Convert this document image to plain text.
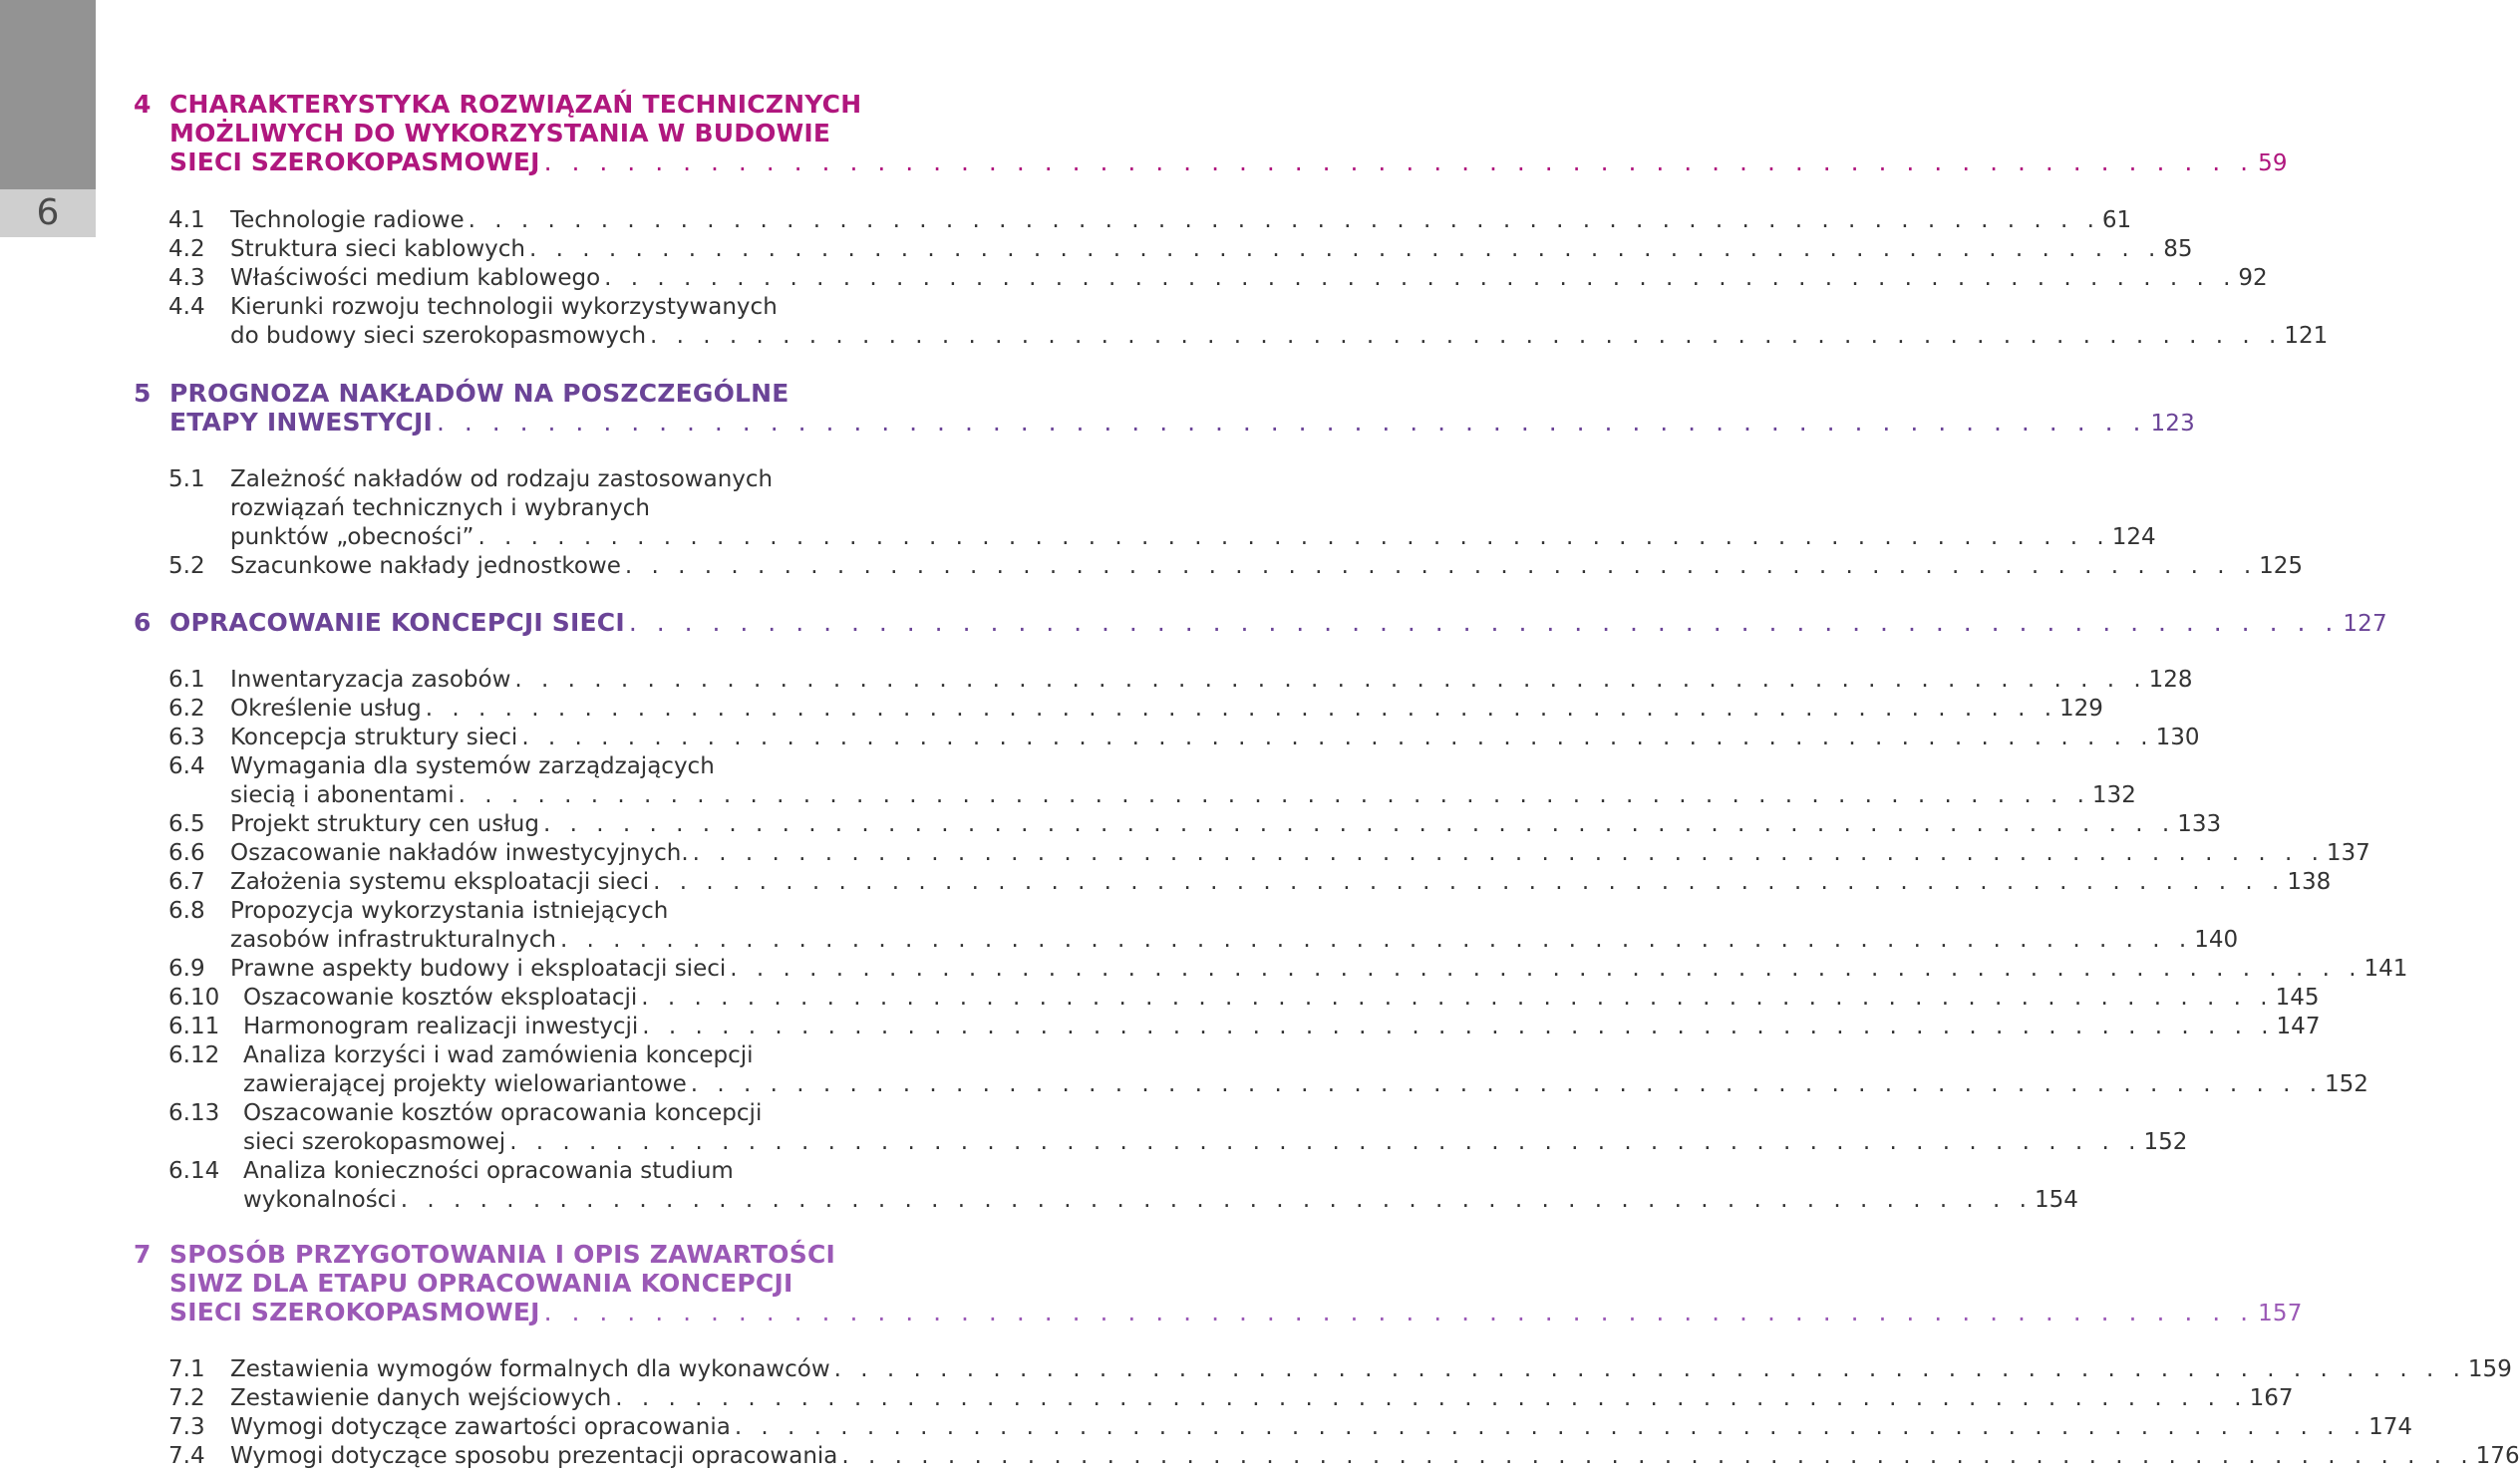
6
4 CHARAKTERYSTYKA ROZWIĄZAŃ TECHNICZNYCH
MOŻLIWYCH DO WYKORZYSTANIA W BUDOWIE
SIECI SZEROKOPASMOWEJ . . . . . . . . . . . . . . . . . . . . . . . . . . . . . . . . . . . . . . . . . . . . . . . . . . . . . . . . . . . . . . 59
4.1	Technologie radiowe . . . . . . . . . . . . . . . . . . . . . . . . . . . . . . . . . . . . . . . . . . . . . . . . . . . . . . . . . . . . . . 61
4.2	Struktura sieci kablowych . . . . . . . . . . . . . . . . . . . . . . . . . . . . . . . . . . . . . . . . . . . . . . . . . . . . . . . . . . . . . . 85
4.3	Właściwości medium kablowego . . . . . . . . . . . . . . . . . . . . . . . . . . . . . . . . . . . . . . . . . . . . . . . . . . . . . . . . . . . . . . 92
4.4	Kierunki rozwoju technologii wykorzystywanych
do budowy sieci szerokopasmowych . . . . . . . . . . . . . . . . . . . . . . . . . . . . . . . . . . . . . . . . . . . . . . . . . . . . . . . . . . . . . . 121
5 PROGNOZA NAKŁADÓW NA POSZCZEGÓLNE
ETAPY INWESTYCJI . . . . . . . . . . . . . . . . . . . . . . . . . . . . . . . . . . . . . . . . . . . . . . . . . . . . . . . . . . . . . . 123
5.1	Zależność nakładów od rodzaju zastosowanych
rozwiązań technicznych i wybranych
punktów „obecności” . . . . . . . . . . . . . . . . . . . . . . . . . . . . . . . . . . . . . . . . . . . . . . . . . . . . . . . . . . . . . . 124
5.2	Szacunkowe nakłady jednostkowe . . . . . . . . . . . . . . . . . . . . . . . . . . . . . . . . . . . . . . . . . . . . . . . . . . . . . . . . . . . . . . 125
6 OPRACOWANIE KONCEPCJI SIECI . . . . . . . . . . . . . . . . . . . . . . . . . . . . . . . . . . . . . . . . . . . . . . . . . . . . . . . . . . . . . . 127
6.1	Inwentaryzacja zasobów . . . . . . . . . . . . . . . . . . . . . . . . . . . . . . . . . . . . . . . . . . . . . . . . . . . . . . . . . . . . . . 128
6.2	Określenie usług . . . . . . . . . . . . . . . . . . . . . . . . . . . . . . . . . . . . . . . . . . . . . . . . . . . . . . . . . . . . . . 129
6.3	Koncepcja struktury sieci . . . . . . . . . . . . . . . . . . . . . . . . . . . . . . . . . . . . . . . . . . . . . . . . . . . . . . . . . . . . . . 130
6.4	Wymagania dla systemów zarządzających
siecią i abonentami . . . . . . . . . . . . . . . . . . . . . . . . . . . . . . . . . . . . . . . . . . . . . . . . . . . . . . . . . . . . . . 132
6.5	Projekt struktury cen usług . . . . . . . . . . . . . . . . . . . . . . . . . . . . . . . . . . . . . . . . . . . . . . . . . . . . . . . . . . . . . . 133
6.6	Oszacowanie nakładów inwestycyjnych. . . . . . . . . . . . . . . . . . . . . . . . . . . . . . . . . . . . . . . . . . . . . . . . . . . . . . . . . . . . . . . 137
6.7	Założenia systemu eksploatacji sieci . . . . . . . . . . . . . . . . . . . . . . . . . . . . . . . . . . . . . . . . . . . . . . . . . . . . . . . . . . . . . . 138
6.8	Propozycja wykorzystania istniejących
zasobów infrastrukturalnych . . . . . . . . . . . . . . . . . . . . . . . . . . . . . . . . . . . . . . . . . . . . . . . . . . . . . . . . . . . . . . 140
6.9	Prawne aspekty budowy i eksploatacji sieci . . . . . . . . . . . . . . . . . . . . . . . . . . . . . . . . . . . . . . . . . . . . . . . . . . . . . . . . . . . . . . 141
6.10	Oszacowanie kosztów eksploatacji . . . . . . . . . . . . . . . . . . . . . . . . . . . . . . . . . . . . . . . . . . . . . . . . . . . . . . . . . . . . . . 145
6.11	Harmonogram realizacji inwestycji . . . . . . . . . . . . . . . . . . . . . . . . . . . . . . . . . . . . . . . . . . . . . . . . . . . . . . . . . . . . . . 147
6.12	Analiza korzyści i wad zamówienia koncepcji
zawierającej projekty wielowariantowe . . . . . . . . . . . . . . . . . . . . . . . . . . . . . . . . . . . . . . . . . . . . . . . . . . . . . . . . . . . . . . 152
6.13	Oszacowanie kosztów opracowania koncepcji
sieci szerokopasmowej . . . . . . . . . . . . . . . . . . . . . . . . . . . . . . . . . . . . . . . . . . . . . . . . . . . . . . . . . . . . . . 152
6.14	Analiza konieczności opracowania studium
wykonalności . . . . . . . . . . . . . . . . . . . . . . . . . . . . . . . . . . . . . . . . . . . . . . . . . . . . . . . . . . . . . . 154
7 SPOSÓB PRZYGOTOWANIA I OPIS ZAWARTOŚCI
SIWZ DLA ETAPU OPRACOWANIA KONCEPCJI
SIECI SZEROKOPASMOWEJ . . . . . . . . . . . . . . . . . . . . . . . . . . . . . . . . . . . . . . . . . . . . . . . . . . . . . . . . . . . . . . 157
7.1	Zestawienia wymogów formalnych dla wykonawców . . . . . . . . . . . . . . . . . . . . . . . . . . . . . . . . . . . . . . . . . . . . . . . . . . . . . . . . . . . . . . 159
7.2	Zestawienie danych wejściowych . . . . . . . . . . . . . . . . . . . . . . . . . . . . . . . . . . . . . . . . . . . . . . . . . . . . . . . . . . . . . . 167
7.3	Wymogi dotyczące zawartości opracowania . . . . . . . . . . . . . . . . . . . . . . . . . . . . . . . . . . . . . . . . . . . . . . . . . . . . . . . . . . . . . . 174
7.4	Wymogi dotyczące sposobu prezentacji opracowania . . . . . . . . . . . . . . . . . . . . . . . . . . . . . . . . . . . . . . . . . . . . . . . . . . . . . . . . . . . . . . 176
